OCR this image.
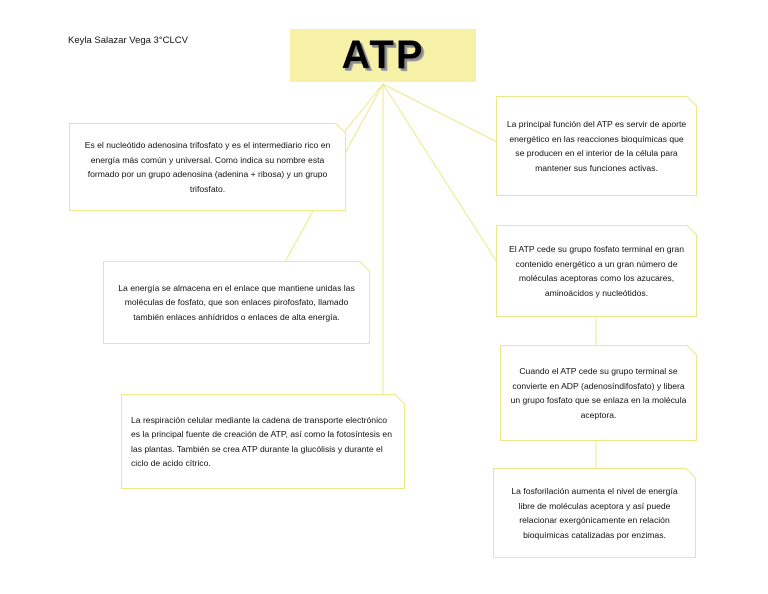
Keyla Salazar Vega 3°CLCV	ATP
Es el nucleótido adenosina trifosfato y es el intermediario rico en energía más común y universal. Como indica su nombre esta formado por un grupo adenosina (adenina + ribosa) y un grupo trifosfato.
La energía se almacena en el enlace que mantiene unidas las moléculas de fosfato, que son enlaces pirofosfato, llamado también enlaces anhídridos o enlaces de alta energía.
La respiración celular mediante la cadena de transporte electrónico es la principal fuente de creación de ATP, así como la fotosíntesis en las plantas. También se crea ATP durante la glucólisis y durante el ciclo de acido cítrico.
La principal función del ATP es servir de aporte energético en las reacciones bioquímicas que se producen en el interior de la célula para mantener sus funciones activas.
El ATP cede su grupo fosfato terminal en gran contenido energético a un gran número de moléculas aceptoras como los azucares, aminoácidos y nucleótidos.
Cuando el ATP cede su grupo terminal se convierte en ADP (adenosíndifosfato) y libera un grupo fosfato que se enlaza en la molécula aceptora.
La fosforilación aumenta el nivel de energía libre de moléculas aceptora y así puede relacionar exergónicamente en relación bioquímicas catalizadas por enzimas.
